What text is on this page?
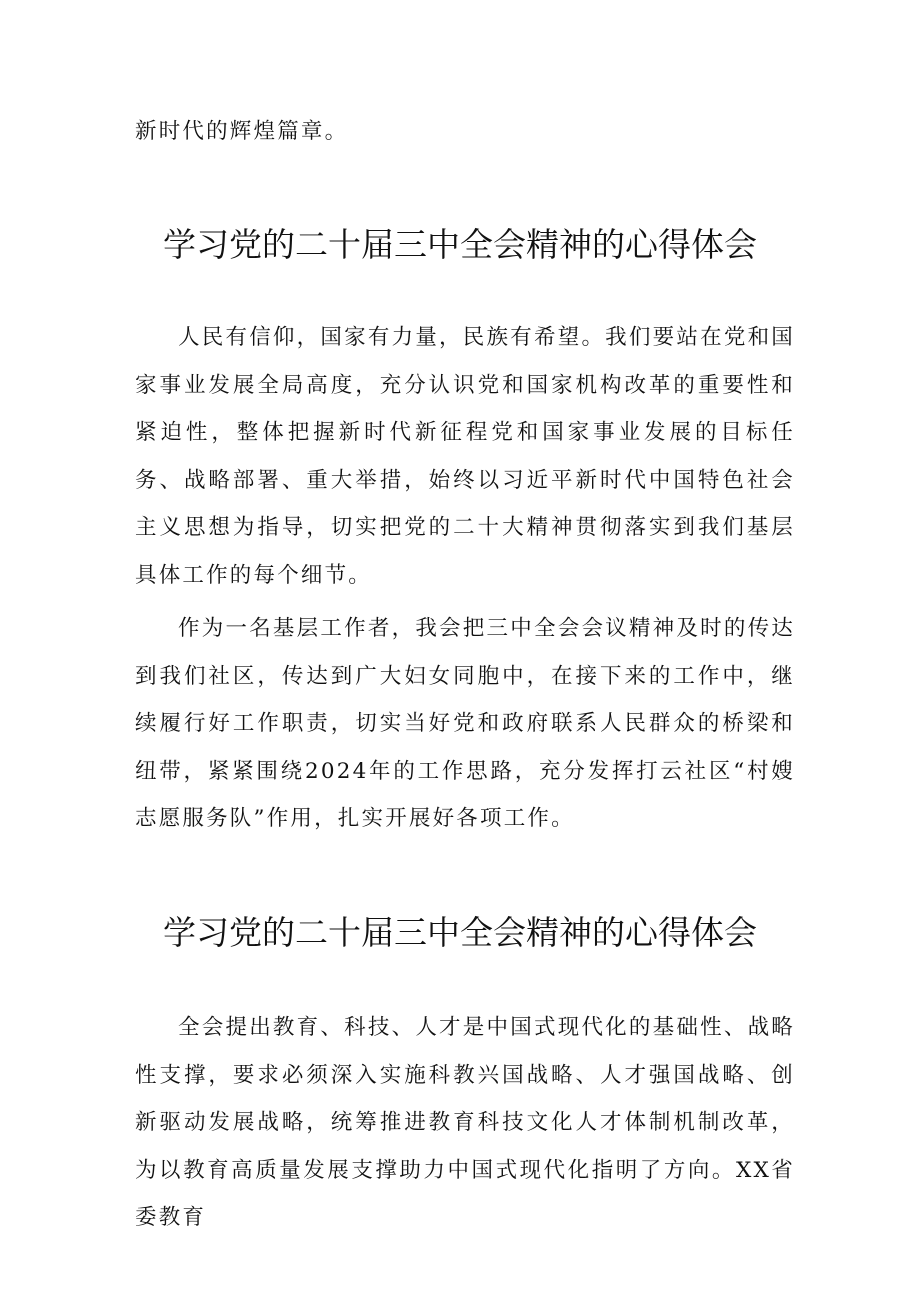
新时代的辉煌篇章。

学习党的二十届三中全会精神的心得体会

人民有信仰，国家有力量，民族有希望。我们要站在党和国家事业发展全局高度，充分认识党和国家机构改革的重要性和紧迫性，整体把握新时代新征程党和国家事业发展的目标任务、战略部署、重大举措，始终以习近平新时代中国特色社会主义思想为指导，切实把党的二十大精神贯彻落实到我们基层具体工作的每个细节。

作为一名基层工作者，我会把三中全会会议精神及时的传达到我们社区，传达到广大妇女同胞中，在接下来的工作中，继续履行好工作职责，切实当好党和政府联系人民群众的桥梁和纽带，紧紧围绕2024年的工作思路，充分发挥打云社区“村嫂志愿服务队”作用，扎实开展好各项工作。

学习党的二十届三中全会精神的心得体会

全会提出教育、科技、人才是中国式现代化的基础性、战略性支撑，要求必须深入实施科教兴国战略、人才强国战略、创新驱动发展战略，统筹推进教育科技文化人才体制机制改革，为以教育高质量发展支撑助力中国式现代化指明了方向。XX省委教育
